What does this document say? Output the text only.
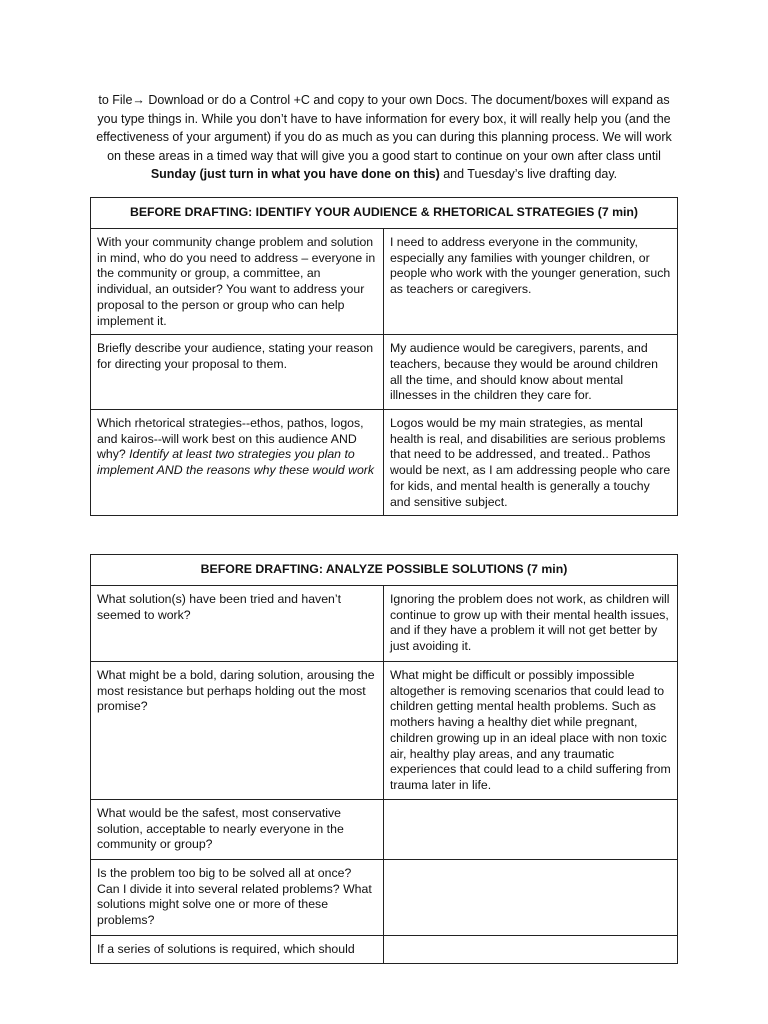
to File→ Download or do a Control +C and copy to your own Docs. The document/boxes will expand as you type things in. While you don’t have to have information for every box, it will really help you (and the effectiveness of your argument) if you do as much as you can during this planning process. We will work on these areas in a timed way that will give you a good start to continue on your own after class until Sunday (just turn in what you have done on this) and Tuesday’s live drafting day.
BEFORE DRAFTING: IDENTIFY YOUR AUDIENCE & RHETORICAL STRATEGIES (7 min)	
With your community change problem and solution in mind, who do you need to address – everyone in the community or group, a committee, an individual, an outsider? You want to address your proposal to the person or group who can help implement it.	I need to address everyone in the community, especially any families with younger children, or people who work with the younger generation, such as teachers or caregivers.
Briefly describe your audience, stating your reason for directing your proposal to them.	My audience would be caregivers, parents, and teachers, because they would be around children all the time, and should know about mental illnesses in the children they care for.
Which rhetorical strategies--ethos, pathos, logos, and kairos--will work best on this audience AND why? Identify at least two strategies you plan to implement AND the reasons why these would work	Logos would be my main strategies, as mental health is real, and disabilities are serious problems that need to be addressed, and treated.. Pathos would be next, as I am addressing people who care for kids, and mental health is generally a touchy and sensitive subject.
BEFORE DRAFTING: ANALYZE POSSIBLE SOLUTIONS (7 min)	
What solution(s) have been tried and haven’t seemed to work?	Ignoring the problem does not work, as children will continue to grow up with their mental health issues, and if they have a problem it will not get better by just avoiding it.
What might be a bold, daring solution, arousing the most resistance but perhaps holding out the most promise?	What might be difficult or possibly impossible altogether is removing scenarios that could lead to children getting mental health problems. Such as mothers having a healthy diet while pregnant, children growing up in an ideal place with non toxic air, healthy play areas, and any traumatic experiences that could lead to a child suffering from trauma later in life.
What would be the safest, most conservative solution, acceptable to nearly everyone in the community or group?	
Is the problem too big to be solved all at once? Can I divide it into several related problems? What solutions might solve one or more of these problems?	
If a series of solutions is required, which should	
